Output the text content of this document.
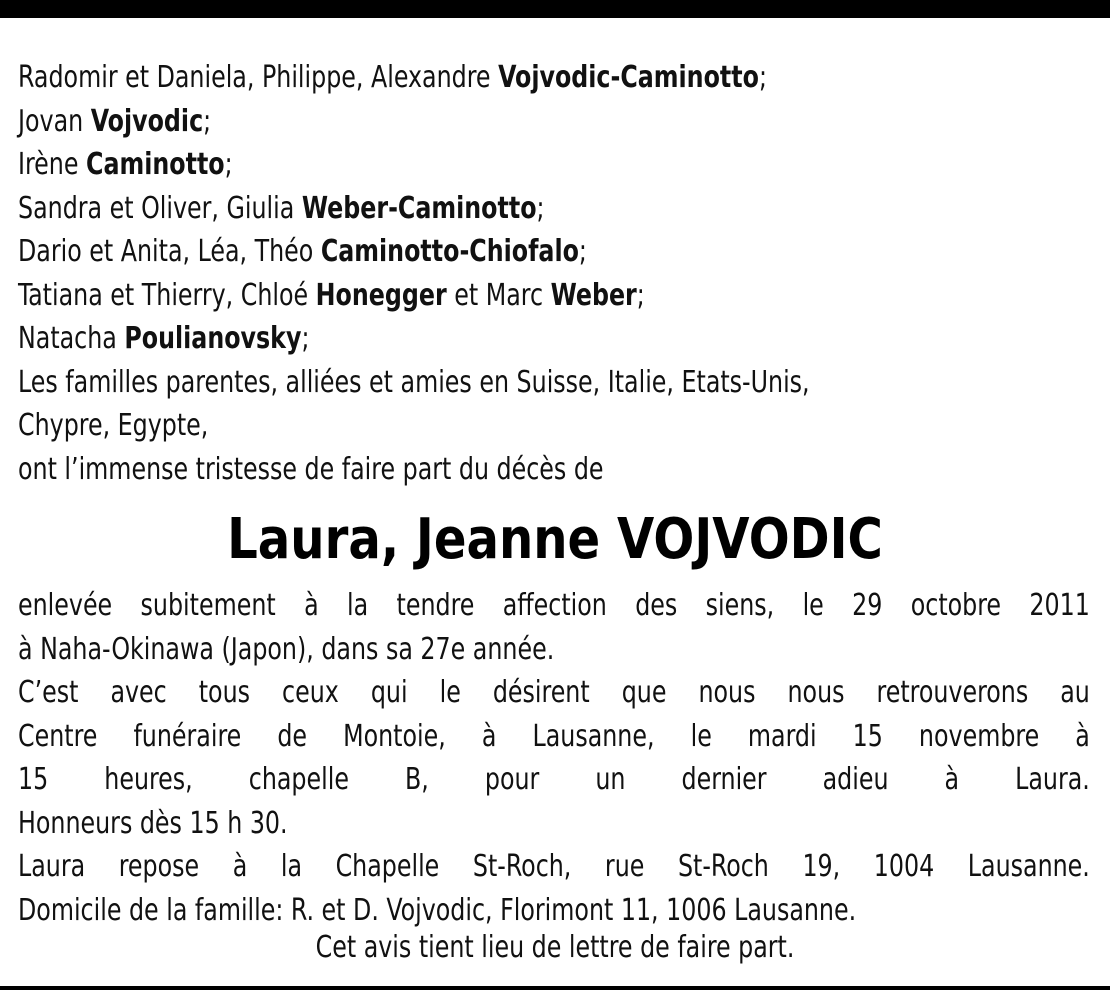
Radomir et Daniela, Philippe, Alexandre Vojvodic-Caminotto;
Jovan Vojvodic;
Irène Caminotto;
Sandra et Oliver, Giulia Weber-Caminotto;
Dario et Anita, Léa, Théo Caminotto-Chiofalo;
Tatiana et Thierry, Chloé Honegger et Marc Weber;
Natacha Poulianovsky;
Les familles parentes, alliées et amies en Suisse, Italie, Etats-Unis,
Chypre, Egypte,
ont l’immense tristesse de faire part du décès de
Laura, Jeanne VOJVODIC
enlevée subitement à la tendre affection des siens, le 29 octobre 2011
à Naha-Okinawa (Japon), dans sa 27e année.
C’est avec tous ceux qui le désirent que nous nous retrouverons au
Centre funéraire de Montoie, à Lausanne, le mardi 15 novembre à
15 heures, chapelle B, pour un dernier adieu à Laura.
Honneurs dès 15 h 30.
Laura repose à la Chapelle St-Roch, rue St-Roch 19, 1004 Lausanne.
Domicile de la famille: R. et D. Vojvodic, Florimont 11, 1006 Lausanne.
Cet avis tient lieu de lettre de faire part.
